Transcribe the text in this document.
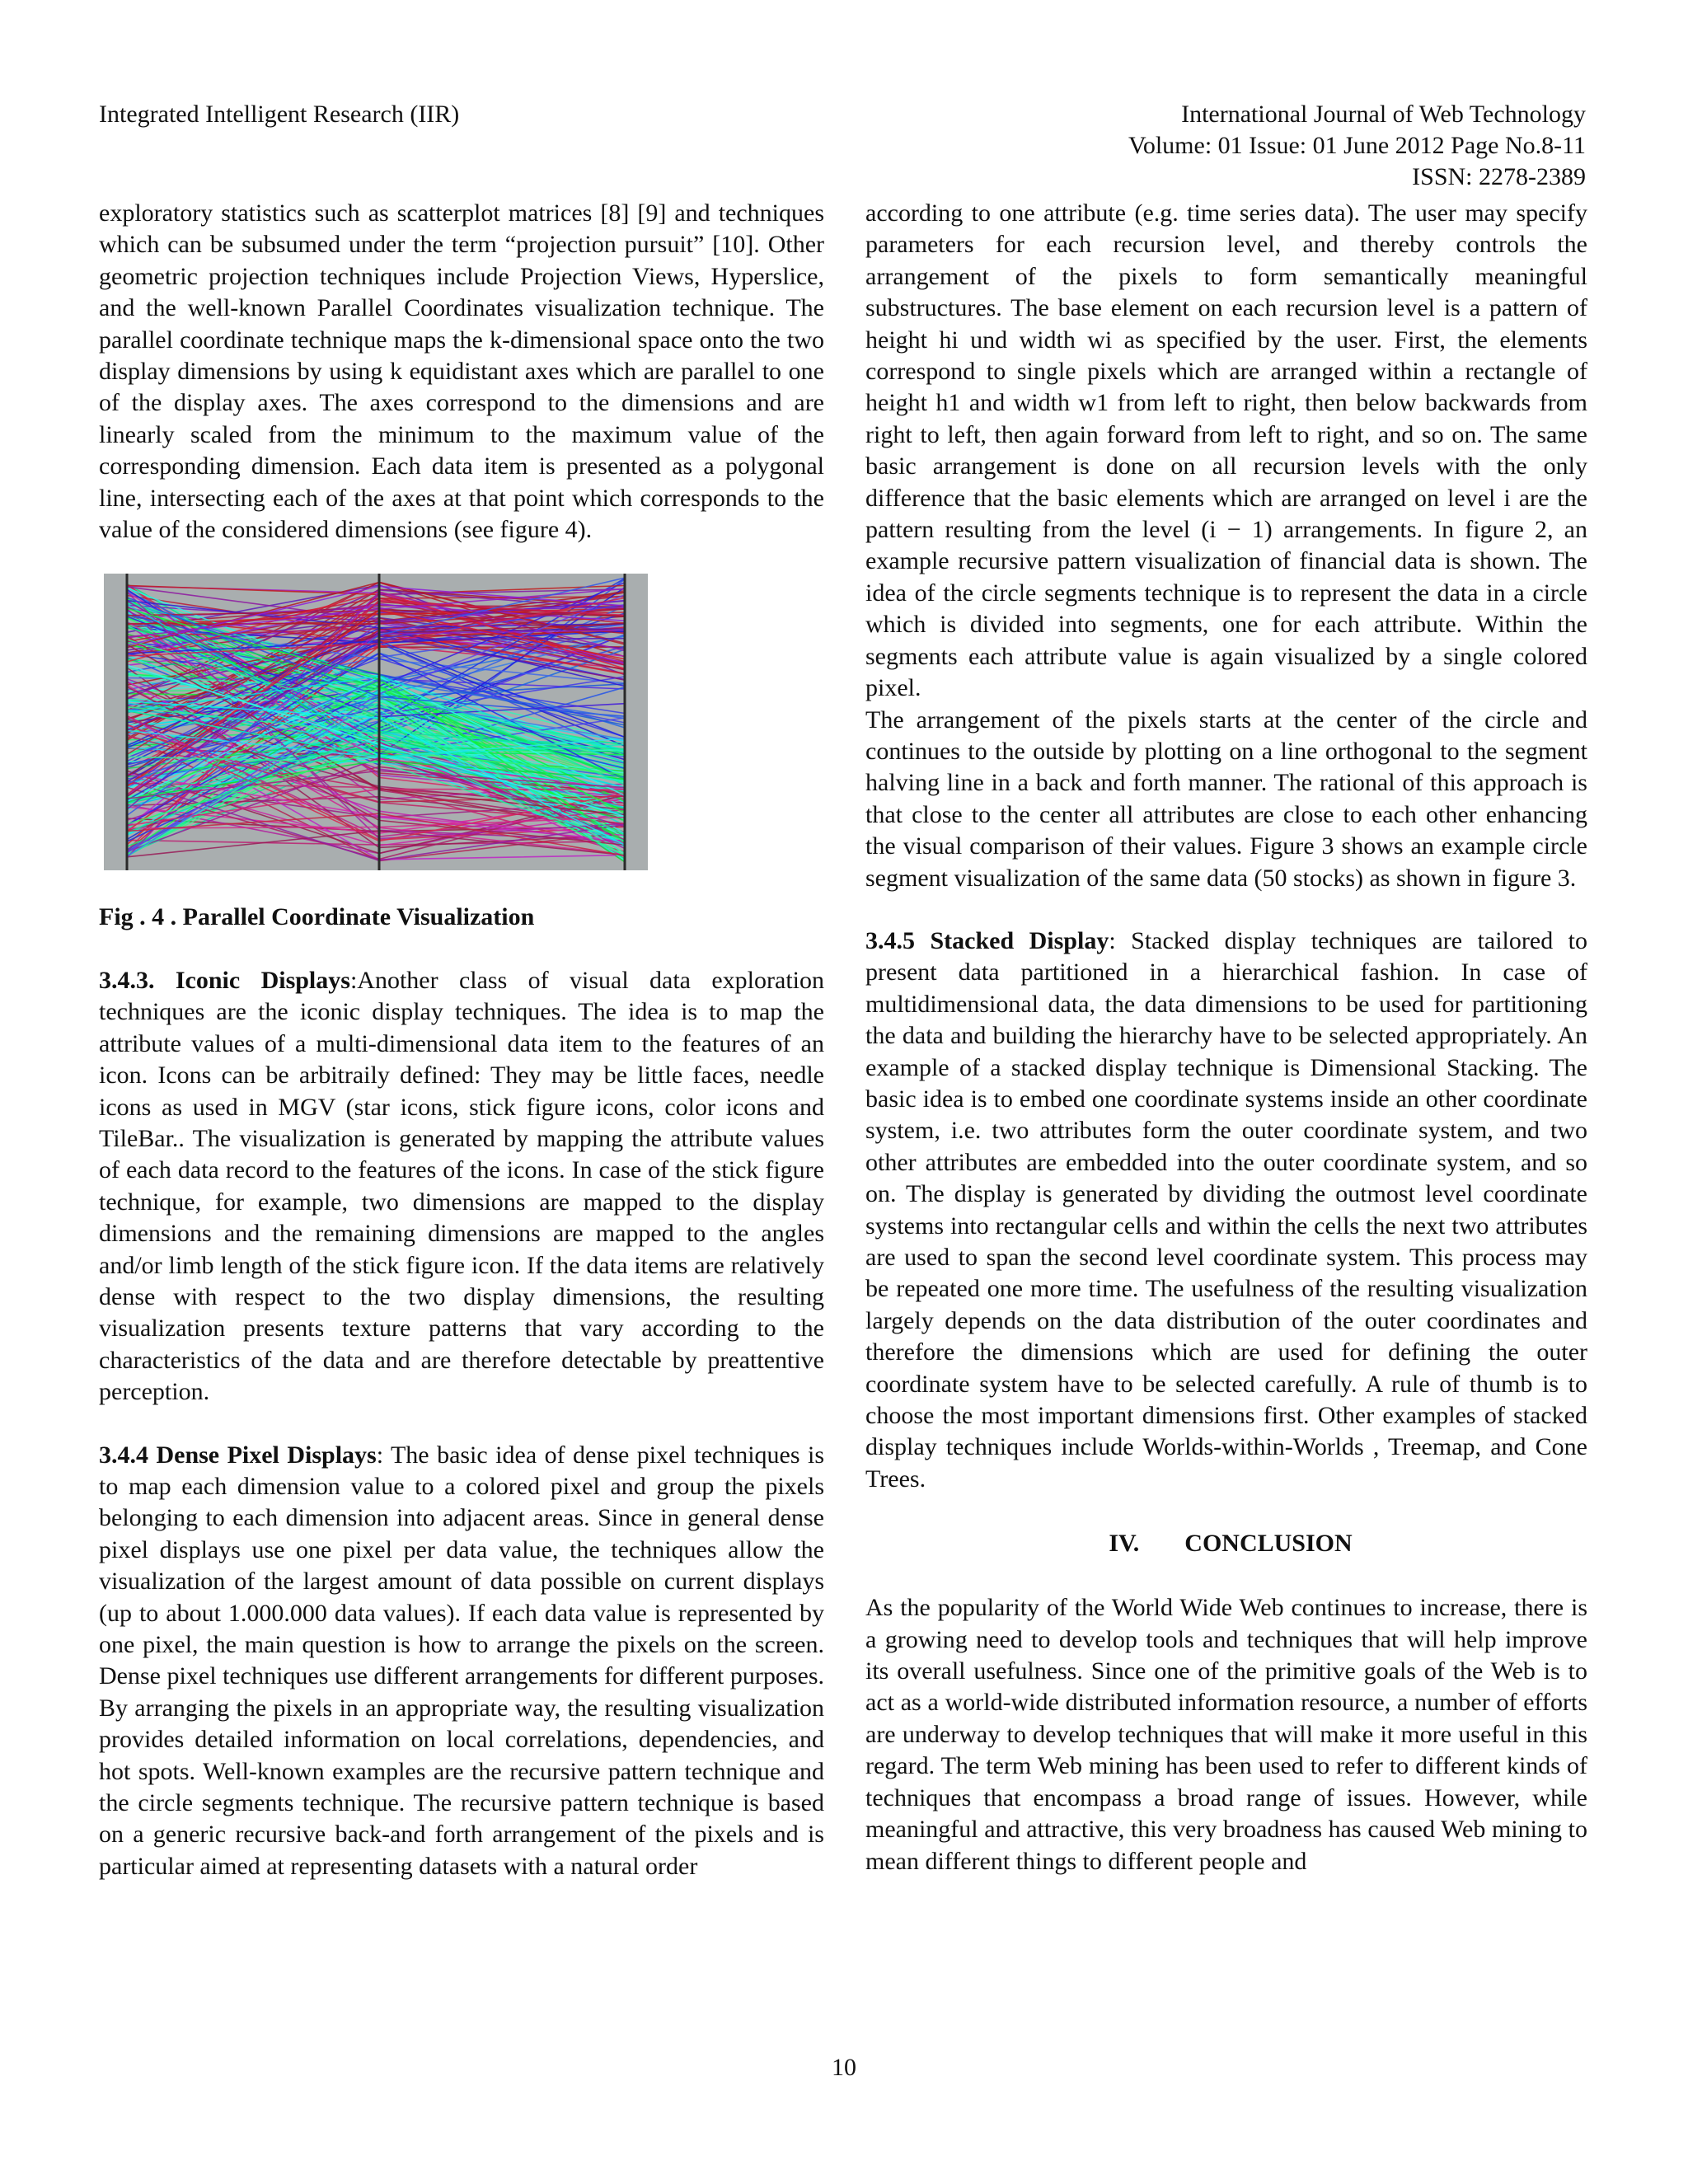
Integrated Intelligent Research (IIR)	International Journal of Web Technology
Volume: 01 Issue: 01 June 2012 Page No.8-11
ISSN: 2278-2389

exploratory statistics such as scatterplot matrices [8] [9] and techniques which can be subsumed under the term “projection pursuit” [10]. Other geometric projection techniques include Projection Views, Hyperslice, and the well-known Parallel Coordinates visualization technique. The parallel coordinate technique maps the k-dimensional space onto the two display dimensions by using k equidistant axes which are parallel to one of the display axes. The axes correspond to the dimensions and are linearly scaled from the minimum to the maximum value of the corresponding dimension. Each data item is presented as a polygonal line, intersecting each of the axes at that point which corresponds to the value of the considered dimensions (see figure 4).

Fig . 4 . Parallel Coordinate Visualization

3.4.3. Iconic Displays:Another class of visual data exploration techniques are the iconic display techniques. The idea is to map the attribute values of a multi-dimensional data item to the features of an icon. Icons can be arbitraily defined: They may be little faces, needle icons as used in MGV (star icons, stick figure icons, color icons and TileBar.. The visualization is generated by mapping the attribute values of each data record to the features of the icons. In case of the stick figure technique, for example, two dimensions are mapped to the display dimensions and the remaining dimensions are mapped to the angles and/or limb length of the stick figure icon. If the data items are relatively dense with respect to the two display dimensions, the resulting visualization presents texture patterns that vary according to the characteristics of the data and are therefore detectable by preattentive perception.

3.4.4 Dense Pixel Displays: The basic idea of dense pixel techniques is to map each dimension value to a colored pixel and group the pixels belonging to each dimension into adjacent areas. Since in general dense pixel displays use one pixel per data value, the techniques allow the visualization of the largest amount of data possible on current displays (up to about 1.000.000 data values). If each data value is represented by one pixel, the main question is how to arrange the pixels on the screen. Dense pixel techniques use different arrangements for different purposes. By arranging the pixels in an appropriate way, the resulting visualization provides detailed information on local correlations, dependencies, and hot spots. Well-known examples are the recursive pattern technique and the circle segments technique. The recursive pattern technique is based on a generic recursive back-and forth arrangement of the pixels and is particular aimed at representing datasets with a natural order

according to one attribute (e.g. time series data). The user may specify parameters for each recursion level, and thereby controls the arrangement of the pixels to form semantically meaningful substructures. The base element on each recursion level is a pattern of height hi und width wi as specified by the user. First, the elements correspond to single pixels which are arranged within a rectangle of height h1 and width w1 from left to right, then below backwards from right to left, then again forward from left to right, and so on. The same basic arrangement is done on all recursion levels with the only difference that the basic elements which are arranged on level i are the pattern resulting from the level (i − 1) arrangements. In figure 2, an example recursive pattern visualization of financial data is shown. The idea of the circle segments technique is to represent the data in a circle which is divided into segments, one for each attribute. Within the segments each attribute value is again visualized by a single colored pixel.

The arrangement of the pixels starts at the center of the circle and continues to the outside by plotting on a line orthogonal to the segment halving line in a back and forth manner. The rational of this approach is that close to the center all attributes are close to each other enhancing the visual comparison of their values. Figure 3 shows an example circle segment visualization of the same data (50 stocks) as shown in figure 3.

3.4.5 Stacked Display: Stacked display techniques are tailored to present data partitioned in a hierarchical fashion. In case of multidimensional data, the data dimensions to be used for partitioning the data and building the hierarchy have to be selected appropriately. An example of a stacked display technique is Dimensional Stacking. The basic idea is to embed one coordinate systems inside an other coordinate system, i.e. two attributes form the outer coordinate system, and two other attributes are embedded into the outer coordinate system, and so on. The display is generated by dividing the outmost level coordinate systems into rectangular cells and within the cells the next two attributes are used to span the second level coordinate system. This process may be repeated one more time. The usefulness of the resulting visualization largely depends on the data distribution of the outer coordinates and therefore the dimensions which are used for defining the outer coordinate system have to be selected carefully. A rule of thumb is to choose the most important dimensions first. Other examples of stacked display techniques include Worlds-within-Worlds , Treemap, and Cone Trees.

IV. CONCLUSION

As the popularity of the World Wide Web continues to increase, there is a growing need to develop tools and techniques that will help improve its overall usefulness. Since one of the primitive goals of the Web is to act as a world-wide distributed information resource, a number of efforts are underway to develop techniques that will make it more useful in this regard. The term Web mining has been used to refer to different kinds of techniques that encompass a broad range of issues. However, while meaningful and attractive, this very broadness has caused Web mining to mean different things to different people and

10
